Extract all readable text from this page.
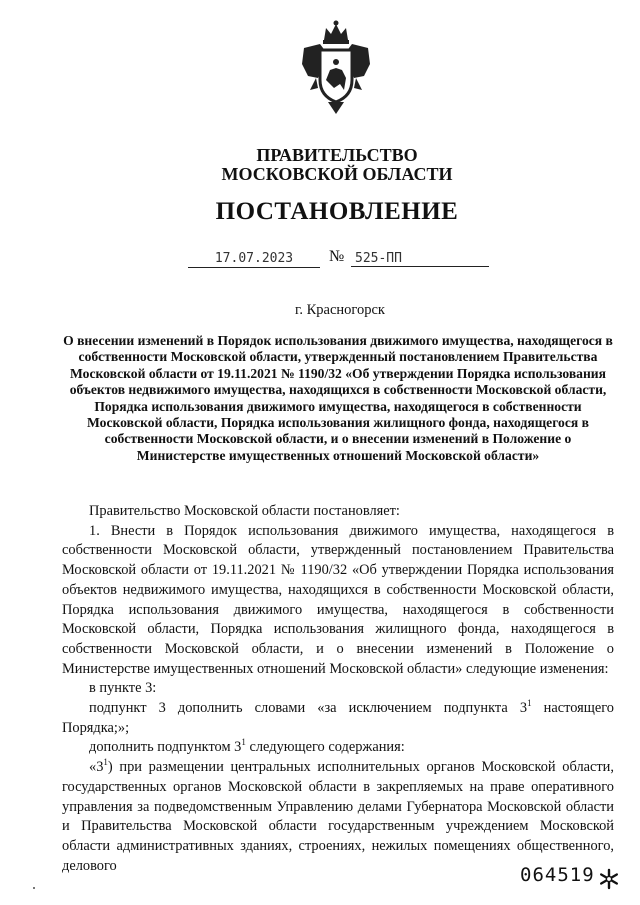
ПРАВИТЕЛЬСТВО
МОСКОВСКОЙ ОБЛАСТИ
ПОСТАНОВЛЕНИЕ
17.07.2023	№ 525-ПП
г. Красногорск
О внесении изменений в Порядок использования движимого имущества, находящегося в собственности Московской области, утвержденный постановлением Правительства Московской области от 19.11.2021 № 1190/32 «Об утверждении Порядка использования объектов недвижимого имущества, находящихся в собственности Московской области, Порядка использования движимого имущества, находящегося в собственности Московской области, Порядка использования жилищного фонда, находящегося в собственности Московской области, и о внесении изменений в Положение о Министерстве имущественных отношений Московской области»

Правительство Московской области постановляет:

1. Внести в Порядок использования движимого имущества, находящегося в собственности Московской области, утвержденный постановлением Правительства Московской области от 19.11.2021 № 1190/32 «Об утверждении Порядка использования объектов недвижимого имущества, находящихся в собственности Московской области, Порядка использования движимого имущества, находящегося в собственности Московской области, Порядка использования жилищного фонда, находящегося в собственности Московской области, и о внесении изменений в Положение о Министерстве имущественных отношений Московской области» следующие изменения:

в пункте 3:

подпункт 3 дополнить словами «за исключением подпункта $3^1$ настоящего Порядка;»;

дополнить подпунктом $3^1$ следующего содержания:

«$3^1$) при размещении центральных исполнительных органов Московской области, государственных органов Московской области в закрепляемых на праве оперативного управления за подведомственным Управлению делами Губернатора Московской области и Правительства Московской области государственным учреждением Московской области административных зданиях, строениях, нежилых помещениях общественного, делового	064519
